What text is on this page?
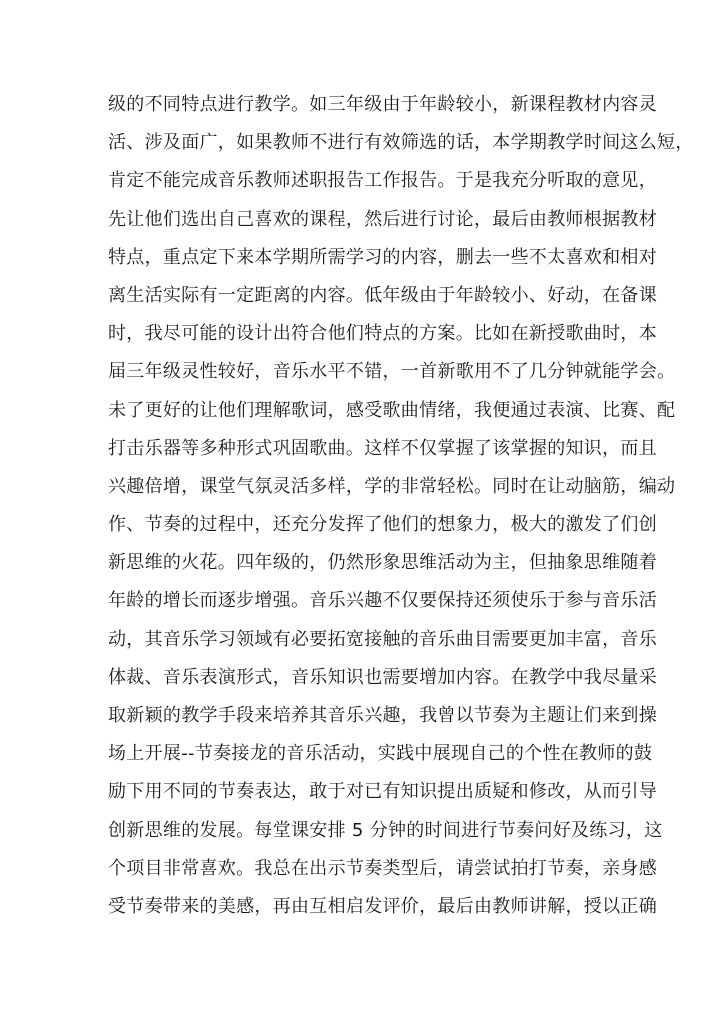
级的不同特点进行教学。如三年级由于年龄较小，新课程教材内容灵
活、涉及面广，如果教师不进行有效筛选的话，本学期教学时间这么短，
肯定不能完成音乐教师述职报告工作报告。于是我充分听取的意见，
先让他们选出自己喜欢的课程，然后进行讨论，最后由教师根据教材
特点，重点定下来本学期所需学习的内容，删去一些不太喜欢和相对
离生活实际有一定距离的内容。低年级由于年龄较小、好动，在备课
时，我尽可能的设计出符合他们特点的方案。比如在新授歌曲时，本
届三年级灵性较好，音乐水平不错，一首新歌用不了几分钟就能学会。
未了更好的让他们理解歌词，感受歌曲情绪，我便通过表演、比赛、配
打击乐器等多种形式巩固歌曲。这样不仅掌握了该掌握的知识，而且
兴趣倍增，课堂气氛灵活多样，学的非常轻松。同时在让动脑筋，编动
作、节奏的过程中，还充分发挥了他们的想象力，极大的激发了们创
新思维的火花。四年级的，仍然形象思维活动为主，但抽象思维随着
年龄的增长而逐步增强。音乐兴趣不仅要保持还须使乐于参与音乐活
动，其音乐学习领域有必要拓宽接触的音乐曲目需要更加丰富，音乐
体裁、音乐表演形式，音乐知识也需要增加内容。在教学中我尽量采
取新颖的教学手段来培养其音乐兴趣，我曾以节奏为主题让们来到操
场上开展--节奏接龙的音乐活动，实践中展现自己的个性在教师的鼓
励下用不同的节奏表达，敢于对已有知识提出质疑和修改，从而引导
创新思维的发展。每堂课安排 5 分钟的时间进行节奏问好及练习，这
个项目非常喜欢。我总在出示节奏类型后，请尝试拍打节奏，亲身感
受节奏带来的美感，再由互相启发评价，最后由教师讲解，授以正确
